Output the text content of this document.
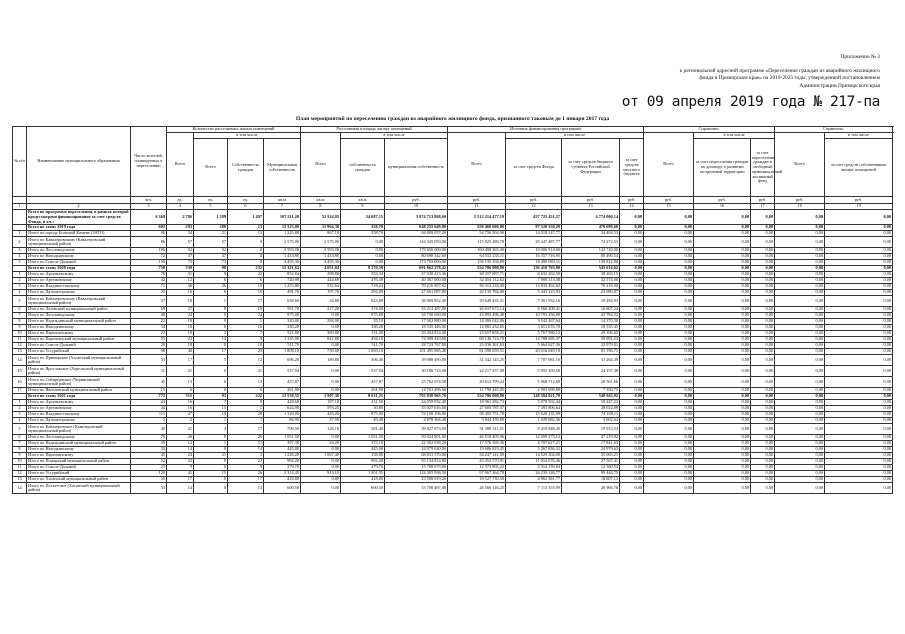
Приложение № 3
к региональной адресной программе «Переселение граждан из аварийного жилищного
фонда в Приморском крае» на 2019-2025 годы, утвержденной постановлением
Администрации Приморского края
от 09 апреля 2019 года № 217-па
План мероприятий по переселению граждан из аварийного жилищного фонда, признанного таковым до 1 января 2017 года
№ п/п	Наименование муниципального образования	Число жителей, планируемых к переселению	Количество расселяемых жилых помещений				Расселяемая площадь жилых помещений			Источник финансирования программы				Справочно:			Справочно:		
			Всего	в том числе			Всего	в том числе		Всего	в том числе			Всего	в том числе		Всего	в том числе	
				Всего	Собственность граждан	Муниципальная собственность		собственность граждан	муниципальная собственность		за счет средств Фонда	за счет средств бюджета субъекта Российской Федерации	за счет средств местного бюджета		за счет переселения граждан по договору о развитии застроенной территории	за счет переселения граждан в свободный муниципальный жилищный фонд		за счет средств собственников жилых помещений	
		чел.	ед.	ед.	ед.	кв.м	кв.м	кв.м	руб.	руб.	руб.	руб.	руб.	руб.	руб.	руб.	руб.	руб.	
1	2	3	4	5	6	7	8	9	10	11	12	13	14	15	16	17	18	19	
	Всего по программе переселения, в рамках которой предусмотрено финансирование за счет средств Фонда, в т.ч.:	6 369	2 786	1 289	1 497	107 211,20	52 524,05	54 687,15	5 974 713 868,60	5 512 214 477,19	457 725 451,27	4 774 000,14	0,00	0,00	0,00	0,00	0,00	0,00	
	Всего по этапу 2019 года	602	293	280	13	12 323,00	11 964,30	358,70	648 255 649,80	550 468 600,00	97 320 350,20	470 699,60	0,00	0,00	0,00	0,00	0,00	0,00	
1	Итого по городу Большой Камень (ЗАТО)	90	34	21	13	1 225,80	867,10	358,70	68 809 057,20	54 756 504,90	14 018 147,77	34 404,53	0,00	0,00	0,00	0,00	0,00	0,00	
2	Итого по Кавалеровскому (Кавалеровский муниципальный район)	86	57	57	0	2 575,00	2 575,00	0,00	144 345 050,00	115 025 289,70	29 447 487,77	72 272,53	0,00	0,00	0,00	0,00	0,00	0,00	
3	Итого по Лесозаводскому	196	92	92	0	3 593,00	3 593,00	0,00	179 650 000,00	160 499 365,40	19 006 914,60	143 720,00	0,00	0,00	0,00	0,00	0,00	0,00	
4	Итого по Находкинскому	72	37	37	0	1 433,90	1 433,90	0,00	80 698 342,60	64 552 235,11	16 357 716,95	80 490,54	0,00	0,00	0,00	0,00	0,00	0,00	
5	Итого по Спасск-Дальний	158	73	73	0	3 495,30	3 495,30	0,00	174 765 000,00	156 135 104,89	18 490 083,11	139 812,00	0,00	0,00	0,00	0,00	0,00	0,00	
	Всего по этапу 2020 года	758	330	98	232	12 321,63	4 051,04	8 270,59	691 662 278,42	554 706 900,00	136 410 763,80	545 614,62	0,00	0,00	0,00	0,00	0,00	0,00	
1	Итого по Арсеньевскому	78	31	9	22	852,84	298,80	553,34	47 028 413,36	38 357 887,71	8 632 262,50	38 263,15	0,00	0,00	0,00	0,00	0,00	0,00	
2	Итого по Артемовскому	42	12	6	6	720,99	444,69	276,30	40 467 000,00	32 454 112,62	7 980 313,38	32 574,00	0,00	0,00	0,00	0,00	0,00	0,00	
3	Итого по Владивостокскому	71	36	26	10	1 253,88	532,64	718,24	70 216 897,92	56 313 218,40	13 833 462,62	70 216,90	0,00	0,00	0,00	0,00	0,00	0,00	
4	Итого по Дальнегорскому	25	16	6	10	491,70	197,70	294,00	27 661 087,80	22 135 784,00	5 443 223,93	23 080,87	0,00	0,00	0,00	0,00	0,00	0,00	
5	Итого по Кавалеровскому (Кавалеровский муниципальный район)	37	18	1	17	658,60	34,80	623,80	36 969 852,40	29 649 435,31	7 301 932,16	18 484,93	0,00	0,00	0,00	0,00	0,00	0,00	
6	Итого по Лазовский муниципальный район	69	27	8	19	591,70	217,20	374,50	33 214 487,80	26 637 672,14	6 560 208,41	16 607,24	0,00	0,00	0,00	0,00	0,00	0,00	
7	Итого по Лесозаводскому	48	24	0	24	975,00	0,00	975,00	54 730 650,00	43 893 496,40	10 793 456,08	43 784,52	0,00	0,00	0,00	0,00	0,00	0,00	
8	Итого по Надеждинский муниципальный район	22	10	9	1	320,00	284,90	35,10	17 962 880,00	14 406 042,06	3 542 467,64	14 370,30	0,00	0,00	0,00	0,00	0,00	0,00	
9	Итого по Находкинскому	34	16	0	16	330,20	0,00	330,20	18 535 446,80	14 865 234,65	3 651 676,70	18 535,45	0,00	0,00	0,00	0,00	0,00	0,00	
10	Итого по Партизанскому	22	10	3	7	521,00	369,80	151,20	29 454 814,00	23 657 858,21	5 767 580,12	29 396,65	0,00	0,00	0,00	0,00	0,00	0,00	
11	Итого по Партизанский муниципальный район	55	23	14	9	1 335,90	841,80	494,10	74 989 410,60	60 140 723,70	14 788 695,37	59 991,53	0,00	0,00	0,00	0,00	0,00	0,00	
12	Итого по Спасск-Дальний	29	10	0	10	511,70	0,00	511,70	28 723 767,80	23 036 261,63	5 664 627,36	22 979,01	0,00	0,00	0,00	0,00	0,00	0,00	
13	Итого по Уссурийский	98	40	17	23	1 808,10	739,00	1 069,10	101 495 885,40	81 398 659,51	20 016 049,18	81 196,71	0,00	0,00	0,00	0,00	0,00	0,00	
14	Итого по Приморское (Хасанский муниципальный район)	33	17	5	12	696,20	189,80	506,40	39 080 490,80	31 342 145,25	7 707 081,16	31 264,39	0,00	0,00	0,00	0,00	0,00	0,00	
15	Итого по Ярославское (Хорольский муниципальный район)	31	21	0	21	537,94	0,00	537,94	30 196 723,96	24 217 457,08	5 955 109,50	24 157,38	0,00	0,00	0,00	0,00	0,00	0,00	
16	Итого по Сибирцевское (Черниговский муниципальный район)	45	13	0	13	457,87	0,00	457,87	25 702 074,58	20 612 799,24	5 068 712,68	20 561,66	0,00	0,00	0,00	0,00	0,00	0,00	
17	Итого по Яковлевский муниципальный район	15	6	0	6	261,90	0,00	261,90	14 701 496,60	11 790 445,05	2 903 698,80	7 350,75	0,00	0,00	0,00	0,00	0,00	0,00	
	Всего по этапу 2021 года	772	315	93	222	12 538,55	3 907,30	8 631,25	703 838 965,70	554 706 000,00	148 584 021,78	548 943,92	0,00	0,00	0,00	0,00	0,00	0,00	
1	Итого по Арсеньевскому	44	16	7	9	428,60	197,10	231,50	24 059 032,40	18 961 282,73	5 078 502,44	19 247,23	0,00	0,00	0,00	0,00	0,00	0,00	
2	Итого по Артемовскому	44	16	15	1	624,99	593,25	30,80	35 027 616,00	27 605 787,37	7 393 806,64	28 022,09	0,00	0,00	0,00	0,00	0,00	0,00	
3	Итого по Владивостокскому	111	47	19	28	1 320,20	445,20	875,00	74 108 106,80	58 405 751,70	15 628 235,99	74 108,11	0,00	0,00	0,00	0,00	0,00	0,00	
4	Итого по Дальнегорскому	5	2	1	1	86,90	37,50	49,40	4 878 366,40	3 844 459,80	1 029 682,36	3 902,64	0,00	0,00	0,00	0,00	0,00	0,00	
5	Итого по Кавалеровское (Кавалеровский муниципальный район)	49	21	4	17	709,50	128,10	581,40	39 827 073,00	31 388 311,01	8 418 848,45	19 913,54	0,00	0,00	0,00	0,00	0,00	0,00	
6	Итого по Лесозаводскому	76	26	0	26	1 051,50	0,00	1 051,50	59 024 901,00	46 518 405,96	12 459 275,12	47 219,92	0,00	0,00	0,00	0,00	0,00	0,00	
7	Итого по Надеждинский муниципальный район	39	12	1	11	397,30	24,20	373,10	22 302 038,20	17 576 569,36	4 707 627,21	17 841,63	0,00	0,00	0,00	0,00	0,00	0,00	
8	Итого по Находкинскому	43	14	0	14	445,00	0,00	445,00	24 979 630,00	19 686 819,45	5 267 836,32	24 979,63	0,00	0,00	0,00	0,00	0,00	0,00	
9	Итого по Партизанскому	45	24	21	3	1 226,20	1 067,40	158,80	68 831 570,80	54 247 141,59	14 529 304,00	55 065,21	0,00	0,00	0,00	0,00	0,00	0,00	
10	Итого по Пожарский муниципальный район	52	22	0	22	982,20	0,00	982,20	55 134 814,80	43 452 570,91	11 654 676,46	27 567,41	0,00	0,00	0,00	0,00	0,00	0,00	
11	Итого по Спасск-Дальний	23	9	0	9	279,70	0,00	279,70	15 700 679,80	12 373 905,22	3 314 159,84	12 560,54	0,00	0,00	0,00	0,00	0,00	0,00	
12	Итого по Уссурийский	120	41	15	26	2 314,45	913,10	1 301,35	124 305 936,30	97 967 364,78	26 239 126,77	99 444,75	0,00	0,00	0,00	0,00	0,00	0,00	
13	Итого по Хасанский муниципальный район	35	17	0	17	418,80	0,00	418,80	23 508 919,20	18 527 730,50	4 962 381,77	18 807,13	0,00	0,00	0,00	0,00	0,00	0,00	
14	Итого по Посьетское (Хасанский муниципальный район)	33	14	0	14	600,50	0,00	600,50	33 708 467,00	26 566 146,25	7 115 353,99	26 966,76	0,00	0,00	0,00	0,00	0,00	0,00	
